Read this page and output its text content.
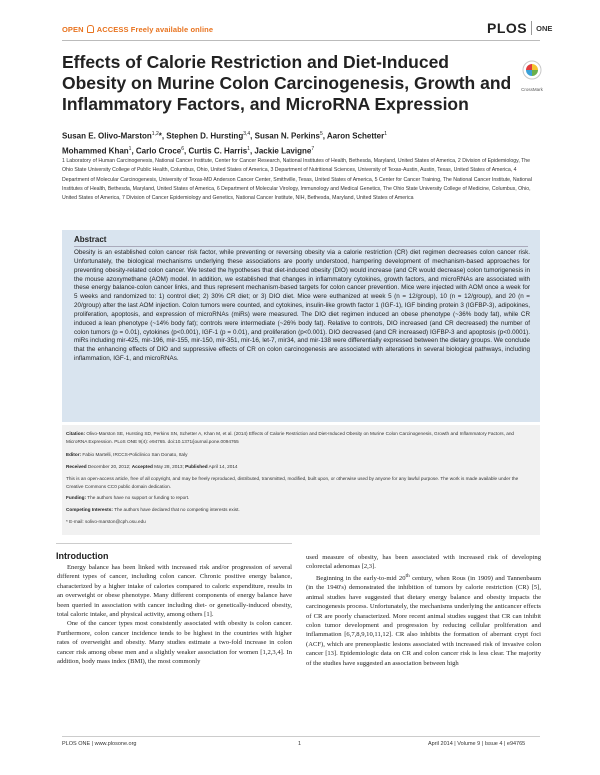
OPEN ACCESS Freely available online	PLOS ONE
Effects of Calorie Restriction and Diet-Induced Obesity on Murine Colon Carcinogenesis, Growth and Inflammatory Factors, and MicroRNA Expression
CrossMark
Susan E. Olivo-Marston$^{1,2}$*, Stephen D. Hursting$^{3,4}$, Susan N. Perkins$^5$, Aaron Schetter$^1$
Mohammed Khan$^1$, Carlo Croce$^6$, Curtis C. Harris$^1$, Jackie Lavigne$^7$
1 Laboratory of Human Carcinogenesis, National Cancer Institute, Center for Cancer Research, National Institutes of Health, Bethesda, Maryland, United States of America, 2 Division of Epidemiology, The Ohio State University College of Public Health, Columbus, Ohio, United States of America, 3 Department of Nutritional Sciences, University of Texas-Austin, Austin, Texas, United States of America, 4 Department of Molecular Carcinogenesis, University of Texas-MD Anderson Cancer Center, Smithville, Texas, United States of America, 5 Center for Cancer Training, The National Cancer Institute, National Institutes of Health, Bethesda, Maryland, United States of America, 6 Department of Molecular Virology, Immunology and Medical Genetics, The Ohio State University College of Medicine, Columbus, Ohio, United States of America, 7 Division of Cancer Epidemiology and Genetics, National Cancer Institute, NIH, Bethesda, Maryland, United States of America
Abstract
Obesity is an established colon cancer risk factor, while preventing or reversing obesity via a calorie restriction (CR) diet regimen decreases colon cancer risk. Unfortunately, the biological mechanisms underlying these associations are poorly understood, hampering development of mechanism-based approaches for preventing obesity-related colon cancer. We tested the hypotheses that diet-induced obesity (DIO) would increase (and CR would decrease) colon tumorigenesis in the mouse azoxymethane (AOM) model. In addition, we established that changes in inflammatory cytokines, growth factors, and microRNAs are associated with these energy balance-colon cancer links, and thus represent mechanism-based targets for colon cancer prevention. Mice were injected with AOM once a week for 5 weeks and randomized to: 1) control diet; 2) 30% CR diet; or 3) DIO diet. Mice were euthanized at week 5 (n = 12/group), 10 (n = 12/group), and 20 (n = 20/group) after the last AOM injection. Colon tumors were counted, and cytokines, insulin-like growth factor 1 (IGF-1), IGF binding protein 3 (IGFBP-3), adipokines, proliferation, apoptosis, and expression of microRNAs (miRs) were measured. The DIO diet regimen induced an obese phenotype (~36% body fat), while CR induced a lean phenotype (~14% body fat); controls were intermediate (~26% body fat). Relative to controls, DIO increased (and CR decreased) the number of colon tumors (p = 0.01), cytokines (p<0.001), IGF-1 (p = 0.01), and proliferation (p<0.001). DIO decreased (and CR increased) IGFBP-3 and apoptosis (p<0.0001). miRs including mir-425, mir-196, mir-155, mir-150, mir-351, mir-16, let-7, mir34, and mir-138 were differentially expressed between the dietary groups. We conclude that the enhancing effects of DIO and suppressive effects of CR on colon carcinogenesis are associated with alterations in several biological pathways, including inflammation, IGF-1, and microRNAs.
Citation: Olivo-Marston SE, Hursting SD, Perkins SN, Schetter A, Khan M, et al. (2014) Effects of Calorie Restriction and Diet-Induced Obesity on Murine Colon Carcinogenesis, Growth and Inflammatory Factors, and MicroRNA Expression. PLoS ONE 9(4): e94765. doi:10.1371/journal.pone.0094765
Editor: Fabio Martelli, IRCCS-Policlinico San Donato, Italy
Received December 20, 2012; Accepted May 28, 2013; Published April 14, 2014
This is an open-access article, free of all copyright, and may be freely reproduced, distributed, transmitted, modified, built upon, or otherwise used by anyone for any lawful purpose. The work is made available under the Creative Commons CC0 public domain dedication.
Funding: The authors have no support or funding to report.
Competing Interests: The authors have declared that no competing interests exist.
* E-mail: solivo-marston@cph.osu.edu
Introduction

Energy balance has been linked with increased risk and/or progression of several different types of cancer, including colon cancer. Chronic positive energy balance, characterized by a higher intake of calories compared to caloric expenditure, results in an overweight or obese phenotype. Many different components of energy balance have been queried in association with cancer including diet- or genetically-induced obesity, total caloric intake, and physical activity, among others [1].

One of the cancer types most consistently associated with obesity is colon cancer. Furthermore, colon cancer incidence tends to be highest in the countries with higher rates of overweight and obesity. Many studies estimate a two-fold increase in colon cancer risk among obese men and a slightly weaker association for women [1,2,3,4]. In addition, body mass index (BMI), the most commonly

used measure of obesity, has been associated with increased risk of developing colorectal adenomas [2,3].

Beginning in the early-to-mid 20th century, when Rous (in 1909) and Tannenbaum (in the 1940's) demonstrated the inhibition of tumors by calorie restriction (CR) [5], animal studies have suggested that dietary energy balance and obesity impacts the carcinogenesis process. Unfortunately, the mechanisms underlying the anticancer effects of CR are poorly characterized. More recent animal studies suggest that CR can inhibit colon tumor development and progression by reducing cellular proliferation and inflammation [6,7,8,9,10,11,12]. CR also inhibits the formation of aberrant crypt foci (ACF), which are preneoplastic lesions associated with increased risk of invasive colon cancer [13]. Epidemiologic data on CR and colon cancer risk is less clear. The majority of the studies have suggested an association between high

PLOS ONE | www.plosone.org	1	April 2014 | Volume 9 | Issue 4 | e94765
